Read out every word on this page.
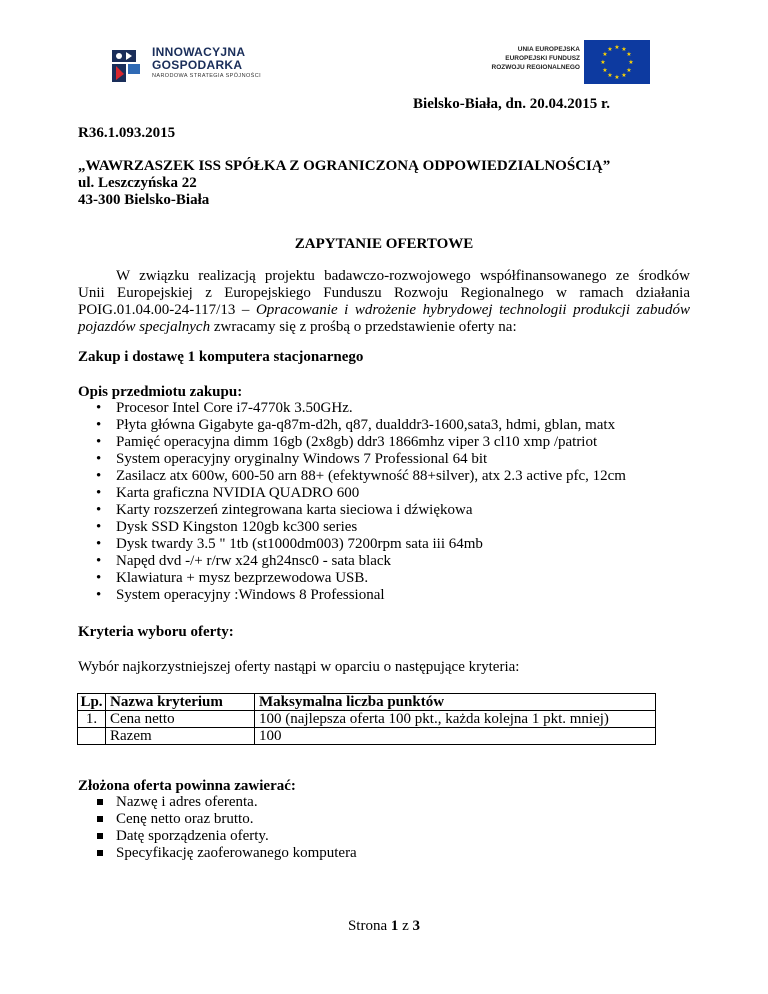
INNOWACYJNA
GOSPODARKA
NARODOWA STRATEGIA SPÓJNOŚCI
UNIA EUROPEJSKA
EUROPEJSKI FUNDUSZ
ROZWOJU REGIONALNEGO
★ ★
★
★
★
★
★
★
★
★
★
★
Bielsko-Biała, dn. 20.04.2015 r.
R36.1.093.2015
„WAWRZASZEK ISS SPÓŁKA Z OGRANICZONĄ ODPOWIEDZIALNOŚCIĄ”
ul. Leszczyńska 22
43-300 Bielsko-Biała
ZAPYTANIE OFERTOWE
W związku realizacją projektu badawczo-rozwojowego współfinansowanego ze środków
Unii Europejskiej z Europejskiego Funduszu Rozwoju Regionalnego w ramach działania
POIG.01.04.00-24-117/13 – Opracowanie i wdrożenie hybrydowej technologii produkcji zabudów
pojazdów specjalnych zwracamy się z prośbą o przedstawienie oferty na:
Zakup i dostawę 1 komputera stacjonarnego
Opis przedmiotu zakupu:
• Procesor Intel Core i7-4770k 3.50GHz.
• Płyta główna Gigabyte ga-q87m-d2h, q87, dualddr3-1600,sata3, hdmi, gblan, matx
• Pamięć operacyjna dimm 16gb (2x8gb) ddr3 1866mhz viper 3 cl10 xmp /patriot
• System operacyjny oryginalny Windows 7 Professional 64 bit
• Zasilacz atx 600w, 600-50 arn 88+ (efektywność 88+silver), atx 2.3 active pfc, 12cm
• Karta graficzna NVIDIA QUADRO 600
• Karty rozszerzeń zintegrowana karta sieciowa i dźwiękowa
• Dysk SSD Kingston 120gb kc300 series
• Dysk twardy 3.5 " 1tb (st1000dm003) 7200rpm sata iii 64mb
• Napęd dvd -/+ r/rw x24 gh24nsc0 - sata black
• Klawiatura + mysz bezprzewodowa USB.
• System operacyjny :Windows 8 Professional
Kryteria wyboru oferty:
Wybór najkorzystniejszej oferty nastąpi w oparciu o następujące kryteria:
Lp.	Nazwa kryterium	Maksymalna liczba punktów
1.	Cena netto	100 (najlepsza oferta 100 pkt., każda kolejna 1 pkt. mniej)
	Razem	100
Złożona oferta powinna zawierać:
Nazwę i adres oferenta.
Cenę netto oraz brutto.
Datę sporządzenia oferty.
Specyfikację zaoferowanego komputera
Strona 1 z 3
